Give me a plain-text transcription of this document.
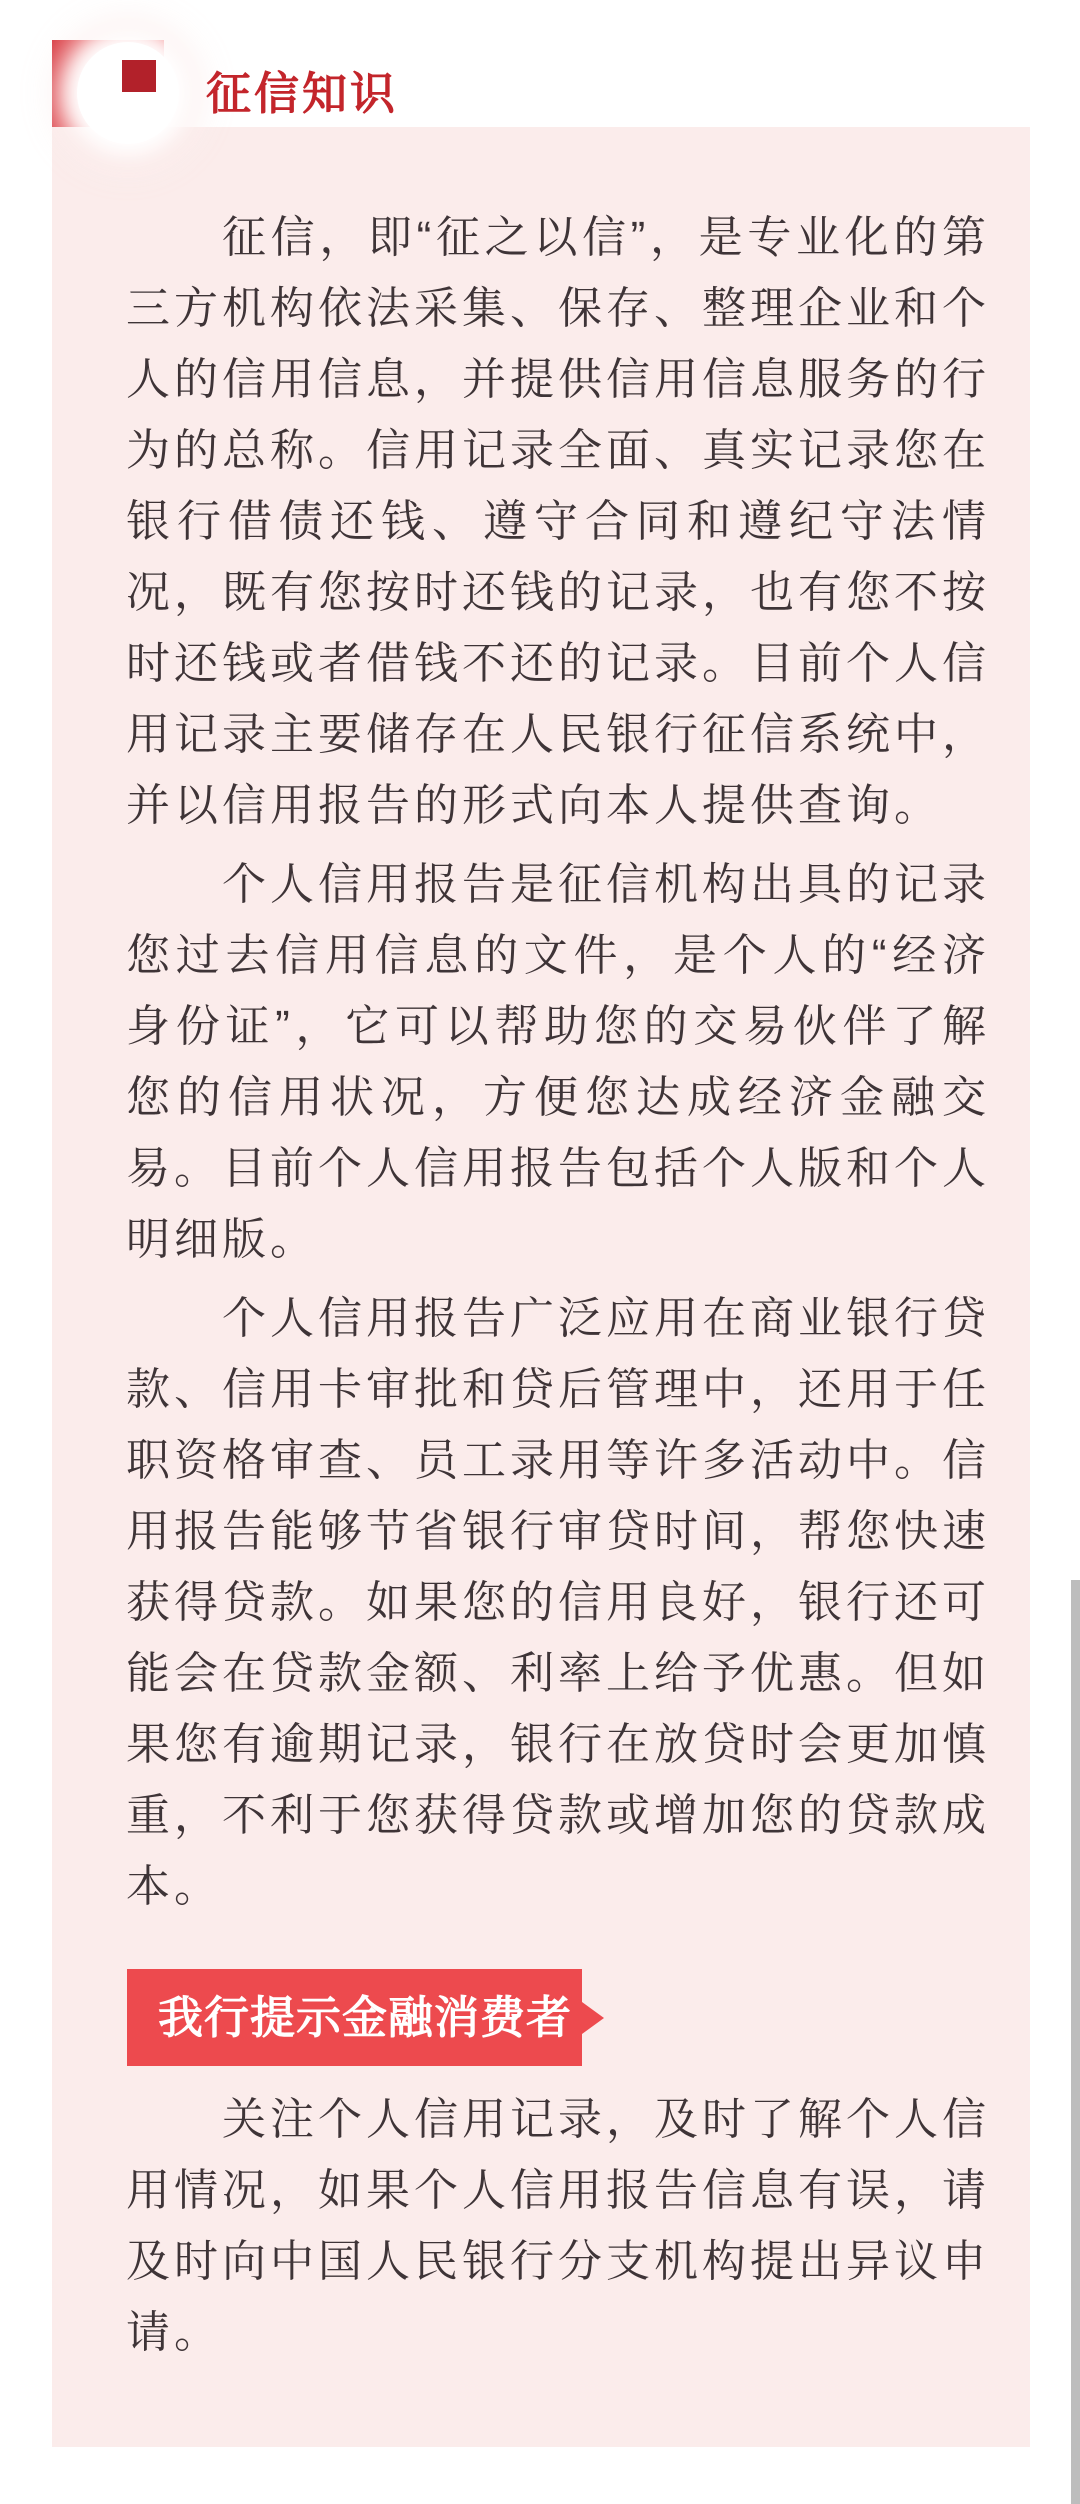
征信知识

征信，即“征之以信”，是专业化的第三方机构依法采集、保存、整理企业和个人的信用信息，并提供信用信息服务的行为的总称。信用记录全面、真实记录您在银行借债还钱、遵守合同和遵纪守法情况，既有您按时还钱的记录，也有您不按时还钱或者借钱不还的记录。目前个人信用记录主要储存在人民银行征信系统中，并以信用报告的形式向本人提供查询。

个人信用报告是征信机构出具的记录您过去信用信息的文件，是个人的“经济身份证”，它可以帮助您的交易伙伴了解您的信用状况，方便您达成经济金融交易。目前个人信用报告包括个人版和个人明细版。

个人信用报告广泛应用在商业银行贷款、信用卡审批和贷后管理中，还用于任职资格审查、员工录用等许多活动中。信用报告能够节省银行审贷时间，帮您快速获得贷款。如果您的信用良好，银行还可能会在贷款金额、利率上给予优惠。但如果您有逾期记录，银行在放贷时会更加慎重，不利于您获得贷款或增加您的贷款成本。

我行提示金融消费者

关注个人信用记录，及时了解个人信用情况，如果个人信用报告信息有误，请及时向中国人民银行分支机构提出异议申请。
